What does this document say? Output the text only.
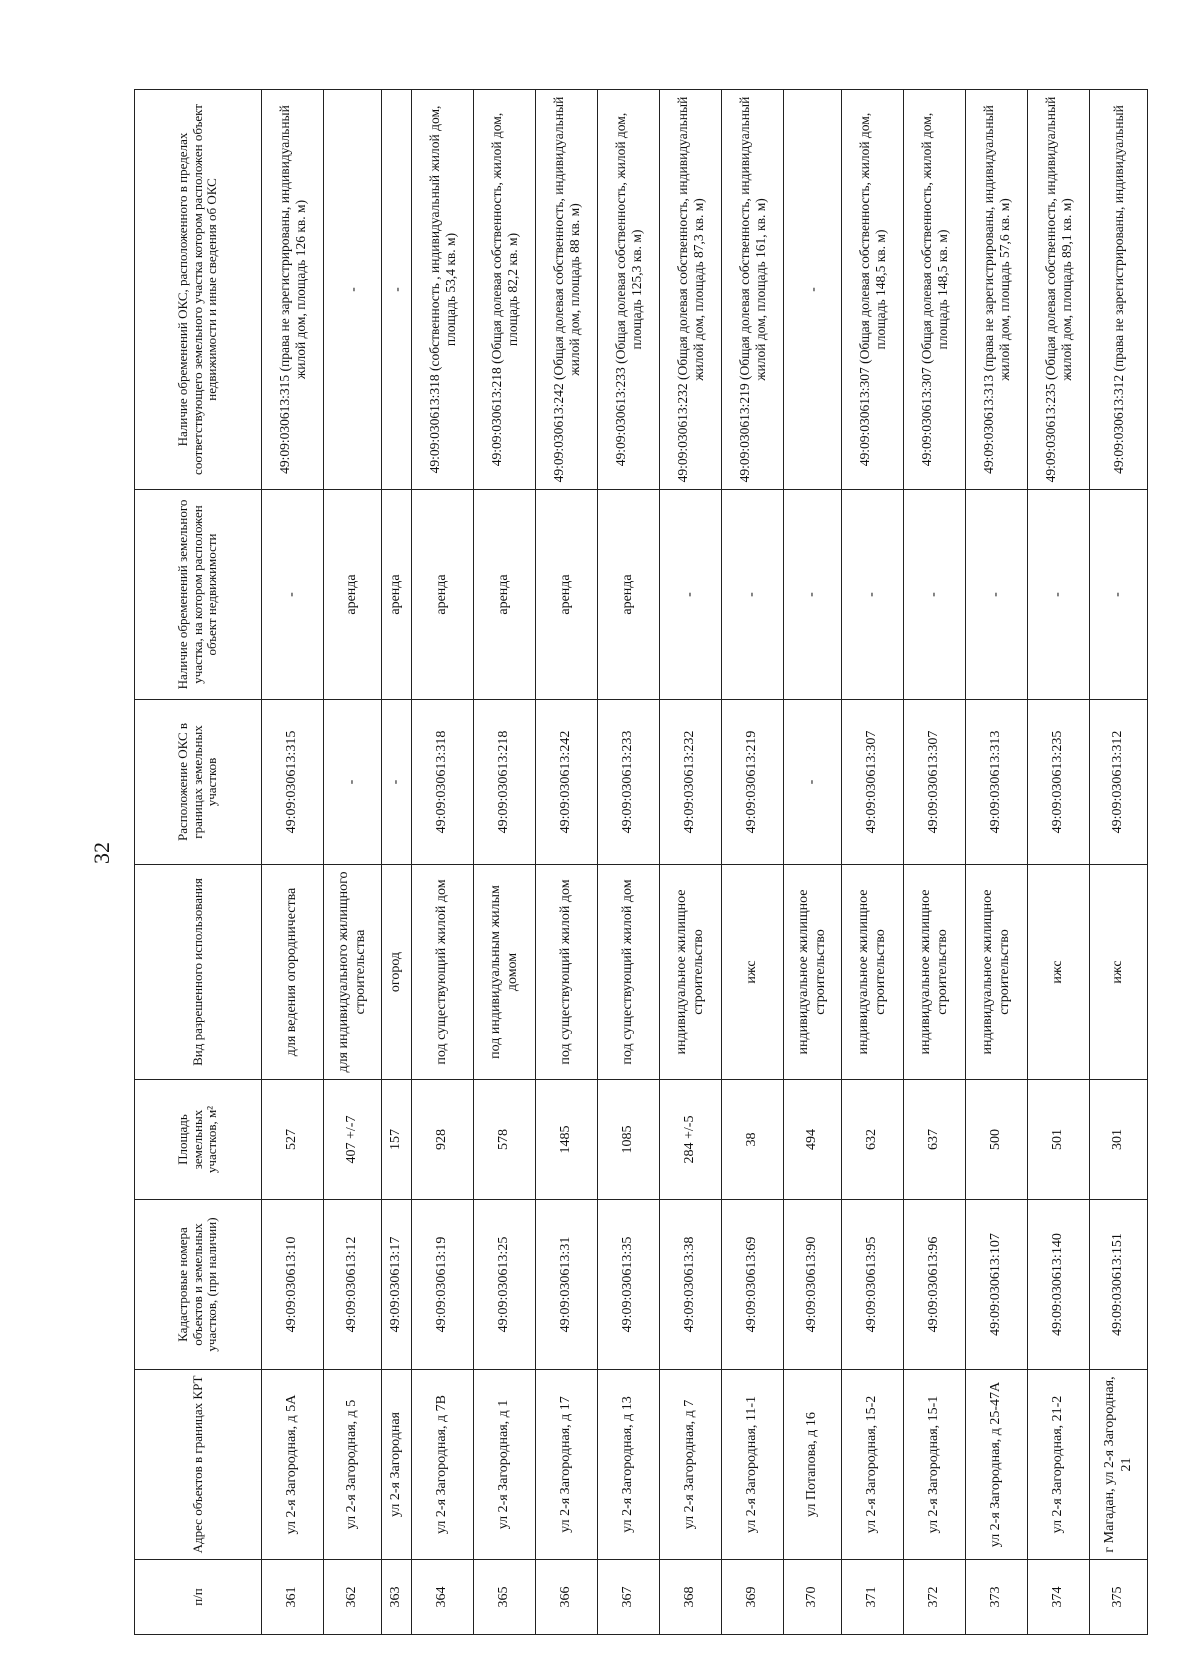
32
п/п	Адрес объектов в границах КРТ	Кадастровые номера объектов и земельных участков, (при наличии)	Площадь земельных участков, м²	Вид разрешенного использования	Расположение ОКС в границах земельных участков	Наличие обременений земельного участка, на котором расположен объект недвижимости	Наличие обременений ОКС, расположенного в пределах соответствующего земельного участка котором расположен объект недвижимости и иные сведения об ОКС
361	ул 2-я Загородная, д 5А	49:09:030613:10	527	для ведения огородничества	49:09:030613:315	-	49:09:030613:315 (права не зарегистрированы, индивидуальный жилой дом, площадь 126 кв. м)
362	ул 2-я Загородная, д 5	49:09:030613:12	407 +/-7	для индивидуального жилищного строительства	-	аренда	-
363	ул 2-я Загородная	49:09:030613:17	157	огород	-	аренда	-
364	ул 2-я Загородная, д 7В	49:09:030613:19	928	под существующий жилой дом	49:09:030613:318	аренда	49:09:030613:318 (собственность , индивидуальный жилой дом, площадь 53,4 кв. м)
365	ул 2-я Загородная, д 1	49:09:030613:25	578	под индивидуальным жилым домом	49:09:030613:218	аренда	49:09:030613:218 (Общая долевая собственность, жилой дом, площадь 82,2 кв. м)
366	ул 2-я Загородная, д 17	49:09:030613:31	1485	под существующий жилой дом	49:09:030613:242	аренда	49:09:030613:242 (Общая долевая собственность, индивидуальный жилой дом, площадь 88 кв. м)
367	ул 2-я Загородная, д 13	49:09:030613:35	1085	под существующий жилой дом	49:09:030613:233	аренда	49:09:030613:233 (Общая долевая собственность, жилой дом, площадь 125,3 кв. м)
368	ул 2-я Загородная, д 7	49:09:030613:38	284 +/-5	индивидуальное жилищное строительство	49:09:030613:232	-	49:09:030613:232 (Общая долевая собственность, индивидуальный жилой дом, площадь 87,3 кв. м)
369	ул 2-я Загородная, 11-1	49:09:030613:69	38	ижс	49:09:030613:219	-	49:09:030613:219 (Общая долевая собственность, индивидуальный жилой дом, площадь 161, кв. м)
370	ул Потапова, д 16	49:09:030613:90	494	индивидуальное жилищное строительство	-	-	-
371	ул 2-я Загородная, 15-2	49:09:030613:95	632	индивидуальное жилищное строительство	49:09:030613:307	-	49:09:030613:307 (Общая долевая собственность, жилой дом, площадь 148,5 кв. м)
372	ул 2-я Загородная, 15-1	49:09:030613:96	637	индивидуальное жилищное строительство	49:09:030613:307	-	49:09:030613:307 (Общая долевая собственность, жилой дом, площадь 148,5 кв. м)
373	ул 2-я Загородная, д 25-47А	49:09:030613:107	500	индивидуальное жилищное строительство	49:09:030613:313	-	49:09:030613:313 (права не зарегистрированы, индивидуальный жилой дом, площадь 57,6 кв. м)
374	ул 2-я Загородная, 21-2	49:09:030613:140	501	ижс	49:09:030613:235	-	49:09:030613:235 (Общая долевая собственность, индивидуальный жилой дом, площадь 89,1 кв. м)
375	г Магадан, ул 2-я Загородная, 21	49:09:030613:151	301	ижс	49:09:030613:312	-	49:09:030613:312 (права не зарегистрированы, индивидуальный
